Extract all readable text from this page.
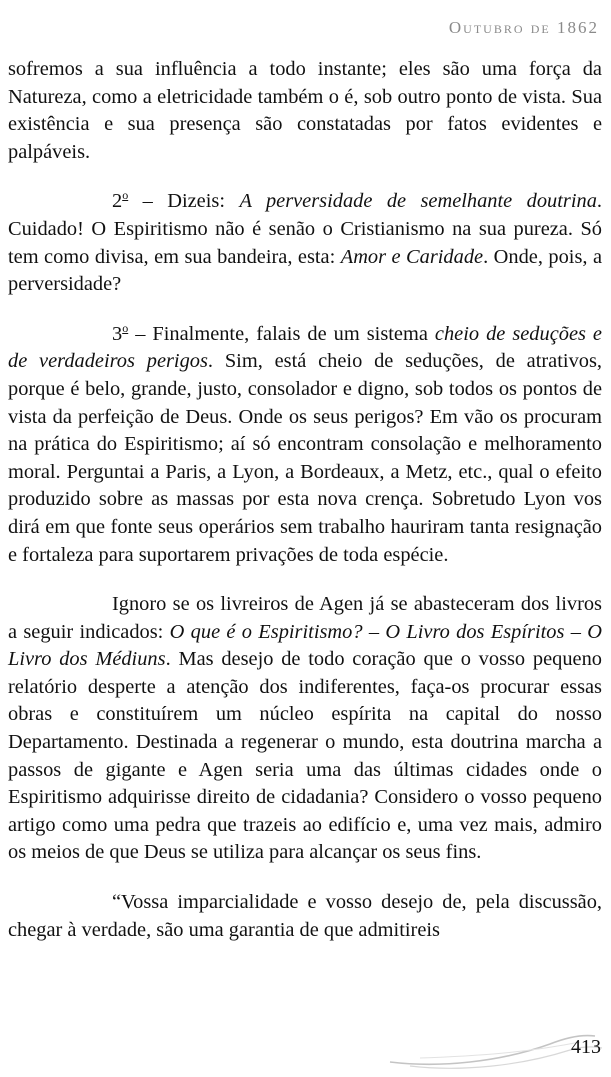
Outubro de 1862

sofremos a sua influência a todo instante; eles são uma força da Natureza, como a eletricidade também o é, sob outro ponto de vista. Sua existência e sua presença são constatadas por fatos evidentes e palpáveis.

2$^o$ – Dizeis: A perversidade de semelhante doutrina. Cuidado! O Espiritismo não é senão o Cristianismo na sua pureza. Só tem como divisa, em sua bandeira, esta: Amor e Caridade. Onde, pois, a perversidade?

3$^o$ – Finalmente, falais de um sistema cheio de seduções e de verdadeiros perigos. Sim, está cheio de seduções, de atrativos, porque é belo, grande, justo, consolador e digno, sob todos os pontos de vista da perfeição de Deus. Onde os seus perigos? Em vão os procuram na prática do Espiritismo; aí só encontram consolação e melhoramento moral. Perguntai a Paris, a Lyon, a Bordeaux, a Metz, etc., qual o efeito produzido sobre as massas por esta nova crença. Sobretudo Lyon vos dirá em que fonte seus operários sem trabalho hauriram tanta resignação e fortaleza para suportarem privações de toda espécie.

Ignoro se os livreiros de Agen já se abasteceram dos livros a seguir indicados: O que é o Espiritismo? – O Livro dos Espíritos – O Livro dos Médiuns. Mas desejo de todo coração que o vosso pequeno relatório desperte a atenção dos indiferentes, faça-os procurar essas obras e constituírem um núcleo espírita na capital do nosso Departamento. Destinada a regenerar o mundo, esta doutrina marcha a passos de gigante e Agen seria uma das últimas cidades onde o Espiritismo adquirisse direito de cidadania? Considero o vosso pequeno artigo como uma pedra que trazeis ao edifício e, uma vez mais, admiro os meios de que Deus se utiliza para alcançar os seus fins.

“Vossa imparcialidade e vosso desejo de, pela discussão, chegar à verdade, são uma garantia de que admitireis

413
